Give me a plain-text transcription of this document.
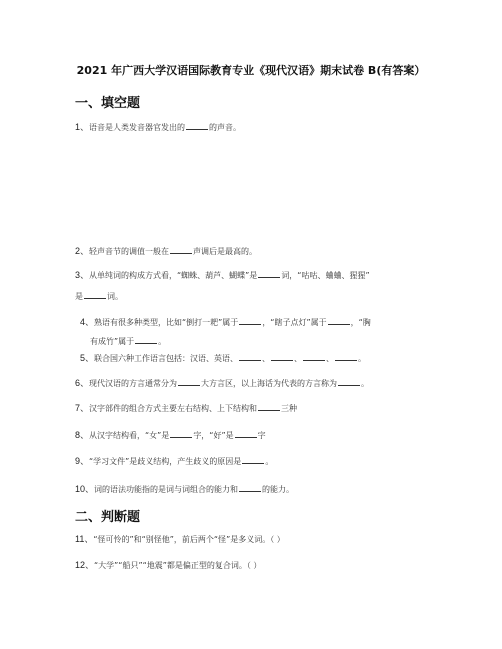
2021 年广西大学汉语国际教育专业《现代汉语》期末试卷 B(有答案）
一、填空题
1、语音是人类发音器官发出的	的声音。
2、轻声音节的调值一般在	声调后是最高的。
3、从单纯词的构成方式看，“蜘蛛、葫芦、蝴蝶”是	词，“咕咕、蛐蛐、猩猩”
是	词。
4、熟语有很多种类型，比如“倒打一耙”属于	，“瞎子点灯”属于	，“胸
有成竹”属于	。
5、联合国六种工作语言包括：汉语、英语、	、	、	、	。
6、现代汉语的方言通常分为	大方言区，以上海话为代表的方言称为	。
7、汉字部件的组合方式主要左右结构、上下结构和	三种
8、从汉字结构看，“女”是	字，“好”是	字
9、“学习文件”是歧义结构，产生歧义的原因是	。
10、词的语法功能指的是词与词组合的能力和	的能力。
二、判断题
11、“怪可怜的”和“别怪他”，前后两个“怪”是多义词。（ ）
12、“大学”“船只”“地震”都是偏正型的复合词。（ ）
